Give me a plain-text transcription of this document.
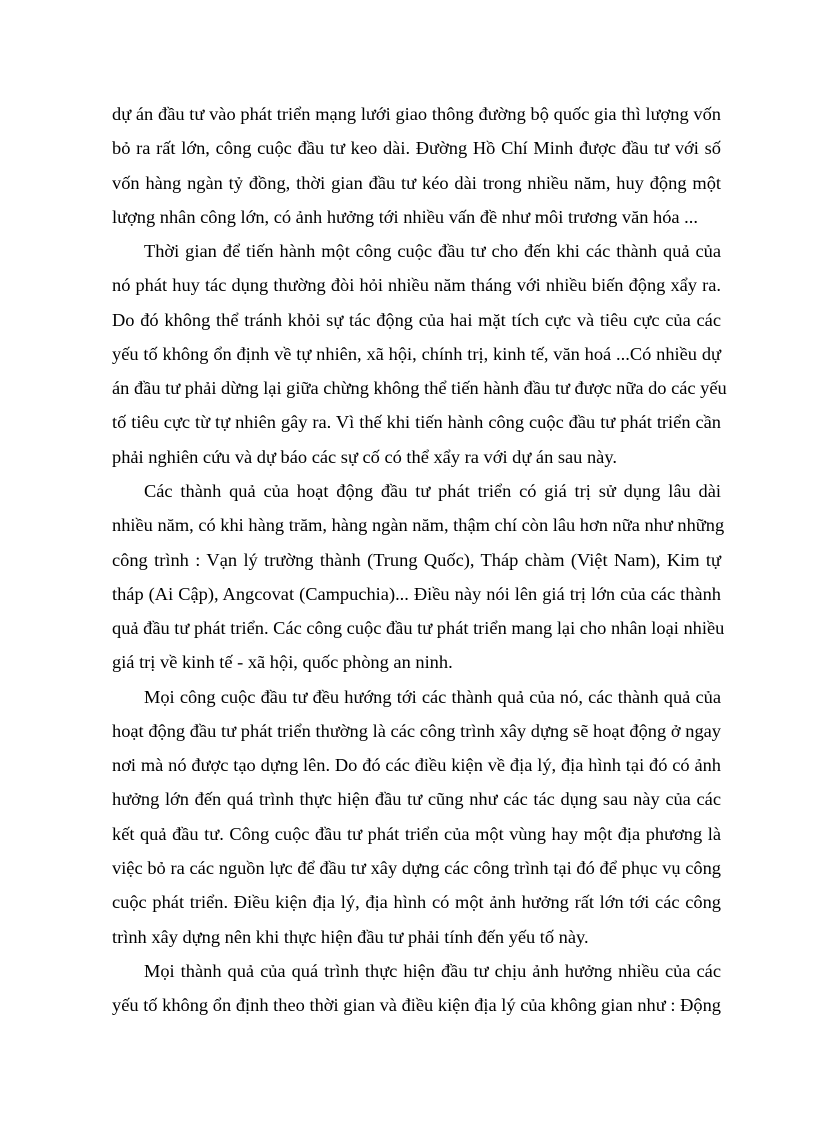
dự án đầu tư vào phát triển mạng lưới giao thông đường bộ quốc gia thì lượng vốn

bỏ ra rất lớn, công cuộc đầu tư keo dài. Đường Hồ Chí Minh được đầu tư với số

vốn hàng ngàn tỷ đồng, thời gian đầu tư kéo dài trong nhiều năm, huy động một

lượng nhân công lớn, có ảnh hưởng tới nhiều vấn đề như môi trương văn hóa ...

Thời gian để tiến hành một công cuộc đầu tư cho đến khi các thành quả của

nó phát huy tác dụng thường đòi hỏi nhiều năm tháng với nhiều biến động xẩy ra.

Do đó không thể tránh khỏi sự tác động của hai mặt tích cực và tiêu cực của các

yếu tố không ổn định về tự nhiên, xã hội, chính trị, kinh tế, văn hoá ...Có nhiều dự

án đầu tư phải dừng lại giữa chừng không thể tiến hành đầu tư được nữa do các yếu

tố tiêu cực từ tự nhiên gây ra. Vì thế khi tiến hành công cuộc đầu tư phát triển cần

phải nghiên cứu và dự báo các sự cố có thể xẩy ra với dự án sau này.

Các thành quả của hoạt động đầu tư phát triển có giá trị sử dụng lâu dài

nhiều năm, có khi hàng trăm, hàng ngàn năm, thậm chí còn lâu hơn nữa như những

công trình : Vạn lý trường thành (Trung Quốc), Tháp chàm (Việt Nam), Kim tự

tháp (Ai Cập), Angcovat (Campuchia)... Điều này nói lên giá trị lớn của các thành

quả đầu tư phát triển. Các công cuộc đầu tư phát triển mang lại cho nhân loại nhiều

giá trị về kinh tế - xã hội, quốc phòng an ninh.

Mọi công cuộc đầu tư đều hướng tới các thành quả của nó, các thành quả của

hoạt động đầu tư phát triển thường là các công trình xây dựng sẽ hoạt động ở ngay

nơi mà nó được tạo dựng lên. Do đó các điều kiện về địa lý, địa hình tại đó có ảnh

hưởng lớn đến quá trình thực hiện đầu tư cũng như các tác dụng sau này của các

kết quả đầu tư. Công cuộc đầu tư phát triển của một vùng hay một địa phương là

việc bỏ ra các nguồn lực để đầu tư xây dựng các công trình tại đó để phục vụ công

cuộc phát triển. Điều kiện địa lý, địa hình có một ảnh hưởng rất lớn tới các công

trình xây dựng nên khi thực hiện đầu tư phải tính đến yếu tố này.

Mọi thành quả của quá trình thực hiện đầu tư chịu ảnh hưởng nhiều của các

yếu tố không ổn định theo thời gian và điều kiện địa lý của không gian như : Động
